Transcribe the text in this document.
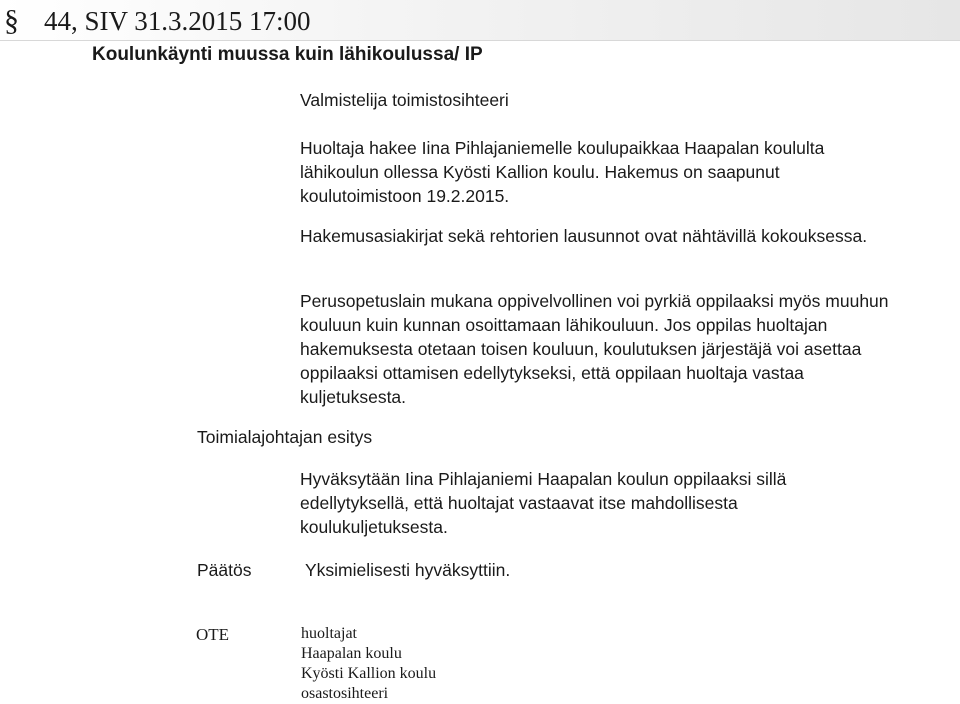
§ 44, SIV 31.3.2015 17:00
Koulunkäynti muussa kuin lähikoulussa/ IP

Valmistelija toimistosihteeri

Huoltaja hakee Iina Pihlajaniemelle koulupaikkaa Haapalan koululta lähikoulun ollessa Kyösti Kallion koulu. Hakemus on saapunut koulutoimistoon 19.2.2015.

Hakemusasiakirjat sekä rehtorien lausunnot ovat nähtävillä kokouksessa.

Perusopetuslain mukana oppivelvollinen voi pyrkiä oppilaaksi myös muuhun kouluun kuin kunnan osoittamaan lähikouluun. Jos oppilas huoltajan hakemuksesta otetaan toisen kouluun, koulutuksen järjestäjä voi asettaa oppilaaksi ottamisen edellytykseksi, että oppilaan huoltaja vastaa kuljetuksesta.

Toimialajohtajan esitys

Hyväksytään Iina Pihlajaniemi Haapalan koulun oppilaaksi sillä edellytyksellä, että huoltajat vastaavat itse mahdollisesta koulukuljetuksesta.

Päätös	Yksimielisesti hyväksyttiin.

OTE	huoltajat
Haapalan koulu
Kyösti Kallion koulu
osastosihteeri
